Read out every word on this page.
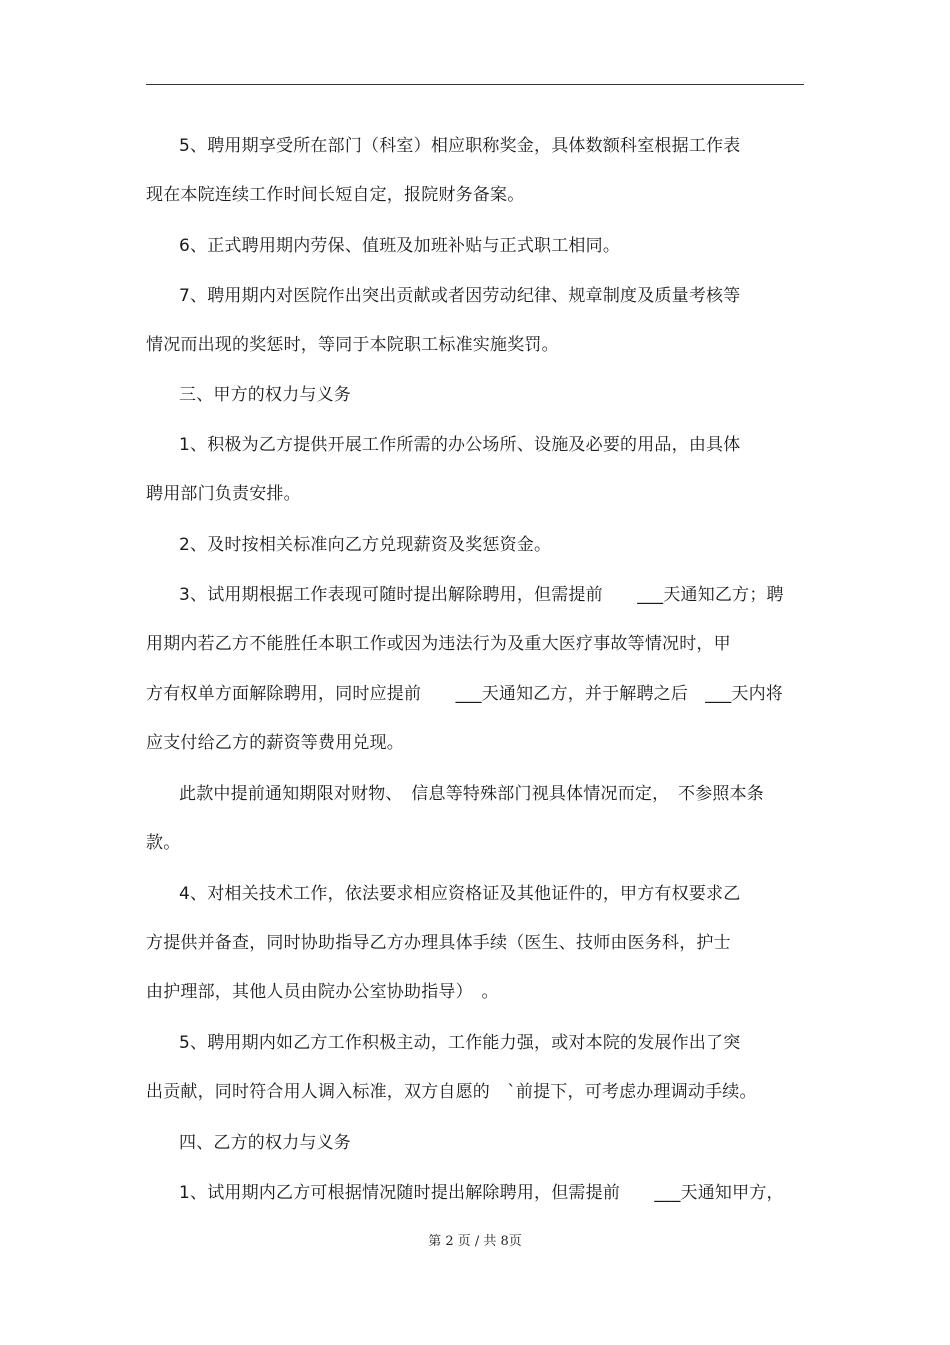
5、聘用期享受所在部门（科室）相应职称奖金，具体数额科室根据工作表
现在本院连续工作时间长短自定，报院财务备案。
6、正式聘用期内劳保、值班及加班补贴与正式职工相同。
7、聘用期内对医院作出突出贡献或者因劳动纪律、规章制度及质量考核等
情况而出现的奖惩时，等同于本院职工标准实施奖罚。
三、甲方的权力与义务
1、积极为乙方提供开展工作所需的办公场所、设施及必要的用品，由具体
聘用部门负责安排。
2、及时按相关标准向乙方兑现薪资及奖惩资金。
3、试用期根据工作表现可随时提出解除聘用，但需提前　　___天通知乙方；聘
用期内若乙方不能胜任本职工作或因为违法行为及重大医疗事故等情况时，甲
方有权单方面解除聘用，同时应提前　　___天通知乙方，并于解聘之后　___天内将
应支付给乙方的薪资等费用兑现。
此款中提前通知期限对财物、　信息等特殊部门视具体情况而定，　不参照本条
款。
4、对相关技术工作，依法要求相应资格证及其他证件的，甲方有权要求乙
方提供并备查，同时协助指导乙方办理具体手续（医生、技师由医务科，护士
由护理部，其他人员由院办公室协助指导）　。
5、聘用期内如乙方工作积极主动，工作能力强，或对本院的发展作出了突
出贡献，同时符合用人调入标准，双方自愿的　`前提下，可考虑办理调动手续。
四、乙方的权力与义务
1、试用期内乙方可根据情况随时提出解除聘用，但需提前　　___天通知甲方，
第 2 页 / 共 8页
